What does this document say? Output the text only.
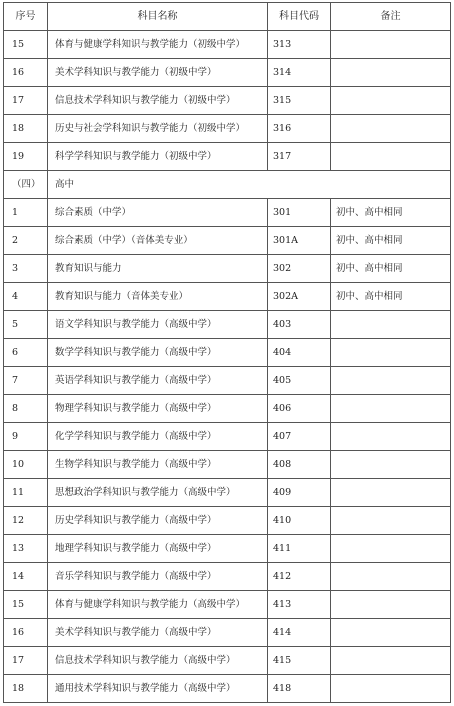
序号	科目名称	科目代码	备注
15	体育与健康学科知识与教学能力（初级中学）	313	
16	美术学科知识与教学能力（初级中学）	314	
17	信息技术学科知识与教学能力（初级中学）	315	
18	历史与社会学科知识与教学能力（初级中学）	316	
19	科学学科知识与教学能力（初级中学）	317	
（四）	高中		
1	综合素质（中学）	301	初中、高中相同
2	综合素质（中学）（音体美专业）	301A	初中、高中相同
3	教育知识与能力	302	初中、高中相同
4	教育知识与能力（音体美专业）	302A	初中、高中相同
5	语文学科知识与教学能力（高级中学）	403	
6	数学学科知识与教学能力（高级中学）	404	
7	英语学科知识与教学能力（高级中学）	405	
8	物理学科知识与教学能力（高级中学）	406	
9	化学学科知识与教学能力（高级中学）	407	
10	生物学科知识与教学能力（高级中学）	408	
11	思想政治学科知识与教学能力（高级中学）	409	
12	历史学科知识与教学能力（高级中学）	410	
13	地理学科知识与教学能力（高级中学）	411	
14	音乐学科知识与教学能力（高级中学）	412	
15	体育与健康学科知识与教学能力（高级中学）	413	
16	美术学科知识与教学能力（高级中学）	414	
17	信息技术学科知识与教学能力（高级中学）	415	
18	通用技术学科知识与教学能力（高级中学）	418	
